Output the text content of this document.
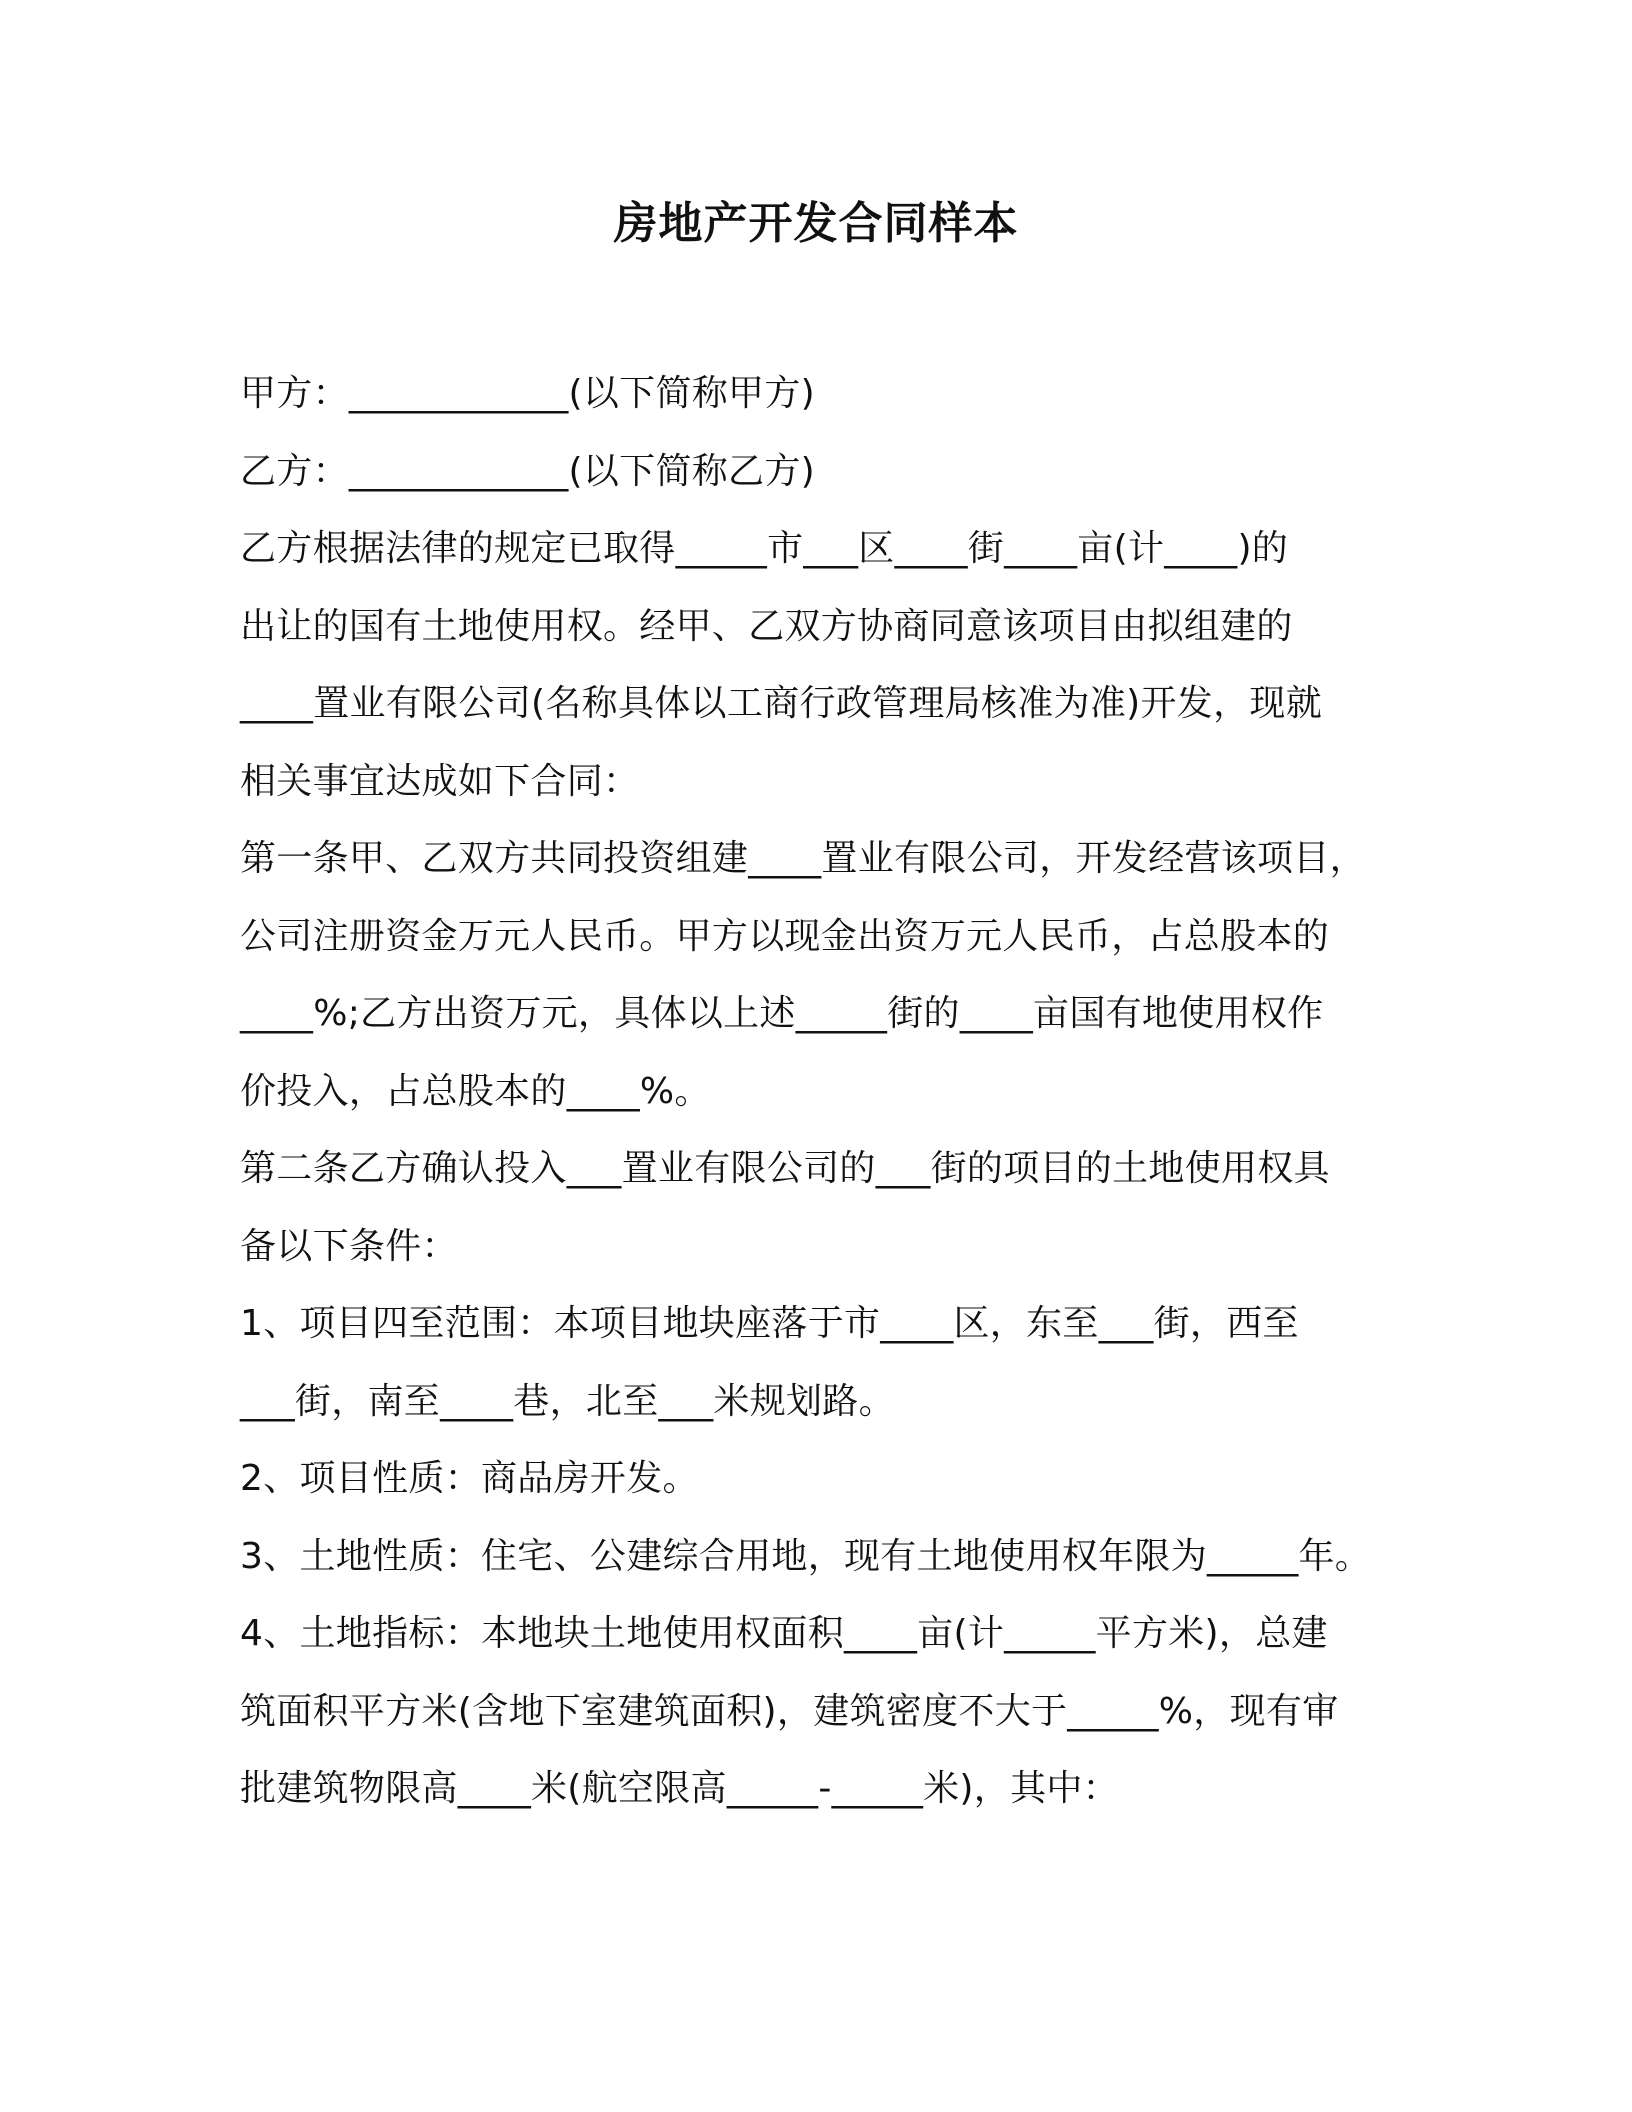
房地产开发合同样本
甲方：____________(以下简称甲方)
乙方：____________(以下简称乙方)
乙方根据法律的规定已取得_____市___区____街____亩(计____)的
出让的国有土地使用权。经甲、乙双方协商同意该项目由拟组建的
____置业有限公司(名称具体以工商行政管理局核准为准)开发，现就
相关事宜达成如下合同：
第一条甲、乙双方共同投资组建____置业有限公司，开发经营该项目，
公司注册资金万元人民币。甲方以现金出资万元人民币，占总股本的
____%;乙方出资万元，具体以上述_____街的____亩国有地使用权作
价投入，占总股本的____%。
第二条乙方确认投入___置业有限公司的___街的项目的土地使用权具
备以下条件：
1、项目四至范围：本项目地块座落于市____区，东至___街，西至
___街，南至____巷，北至___米规划路。
2、项目性质：商品房开发。
3、土地性质：住宅、公建综合用地，现有土地使用权年限为_____年。
4、土地指标：本地块土地使用权面积____亩(计_____平方米)，总建
筑面积平方米(含地下室建筑面积)，建筑密度不大于_____%，现有审
批建筑物限高____米(航空限高_____-_____米)，其中：
